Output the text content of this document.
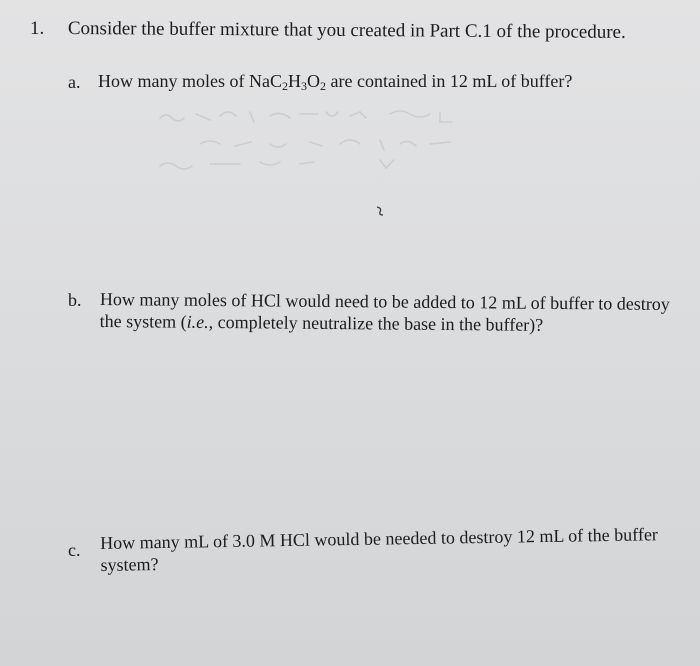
1. Consider the buffer mixture that you created in Part C.1 of the procedure.
a. How many moles of $NaC_2H_3O_2$ are contained in 12 mL of buffer?
b. How many moles of HCl would need to be added to 12 mL of buffer to destroy the system (i.e., completely neutralize the base in the buffer)?
c. How many mL of 3.0 M HCl would be needed to destroy 12 mL of the buffer system?
